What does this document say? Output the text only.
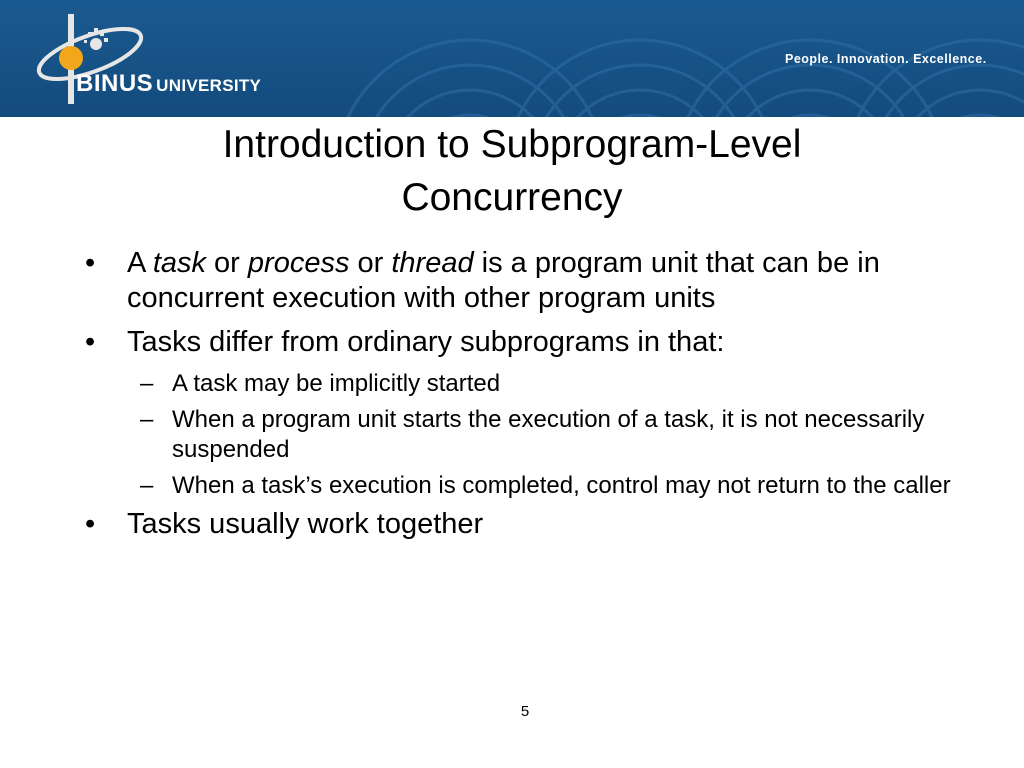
BINUS UNIVERSITY
People. Innovation. Excellence.
Introduction to Subprogram-Level
Concurrency
• A task or process or thread is a program unit that can be in concurrent execution with other program units
• Tasks differ from ordinary subprograms in that:
– A task may be implicitly started
– When a program unit starts the execution of a task, it is not necessarily suspended
– When a task’s execution is completed, control may not return to the caller
• Tasks usually work together
5
